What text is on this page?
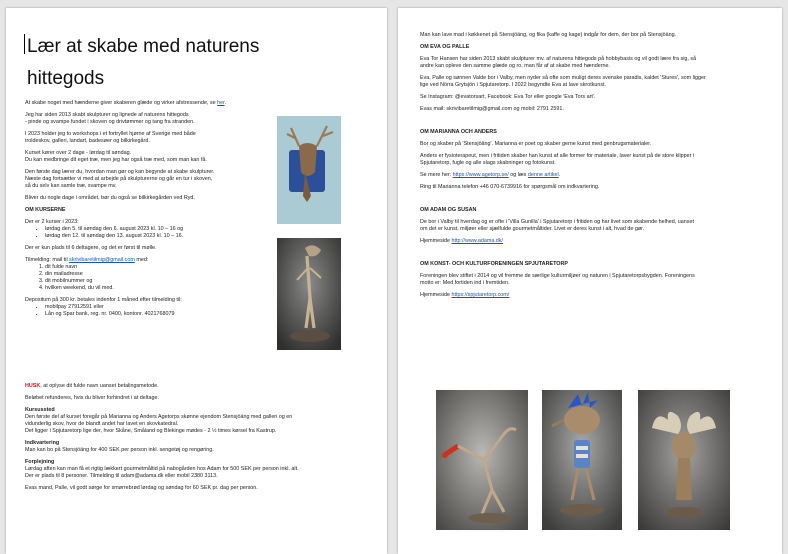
Lær at skabe med naturens
hittegods

At skabe noget med hænderne giver skaberen glæde og virker afstressende, se her.

Jeg har siden 2013 skabt skulpturer og lignede af naturens hittegods

- pinde og svampe fundet i skoven og drivtømmer og tang fra stranden.

I 2023 holder jeg to workshops i et fortryllet hjørne af Sverige med både

troldeskov, galleri, landart, badesøer og bilkirkegård.

Kurset kører over 2 dage - lørdag til søndag.

Du kan medbringe dit eget træ, men jeg har også træ med, som man kan få.

Den første dag lærer du, hvordan man gør og kan begynde at skabe skulpturer.

Næste dag fortsætter vi med at arbejde på skulpturerne og går en tur i skoven,

så du selv kan samle træ, svampe mv.

Bliver du nogle dage i området, bør du også se bilkirkegården ved Ryd.

OM KURSERNE

Der er 2 kurser i 2023:

• lørdag den 5. til søndag den 6. august 2023 kl. 10 – 16 og
• lørdag den 12. til søndag den 13. august 2023 kl. 10 – 16.

Der er kun plads til 6 deltagere, og det er først til mølle.

Tilmelding: mail til skrivibaretilmig@gmail.com med:

1. dit fulde navn
2. din mailadresse
3. dit mobilnummer og
4. hvilken weekend, du vil med.

Depositum på 300 kr. betales indenfor 1 måned efter tilmelding til:

• mobilpay 27912591 eller
• Lån og Spar bank, reg. nr. 0400, kontonr. 4021768079

HUSK, at oplyse dit fulde navn uanset betalingsmetode.

Beløbet refunderes, hvis du bliver forhindret i at deltage.

Kursussted

Den første del af kurset foregår på Marianna og Anders Agetorps skønne ejendom Stensjöäng med galleri og en

vidunderlig skov, hvor de blandt andet har lavet en skovkatedral.

Det ligger i Spjutaretorp lige der, hvor Skåne, Småland og Blekinge mødes - 2 ½ times kørsel fra Kastrup.

Indkvartering

Man kan bo på Stensjöäng for 400 SEK per person inkl. sengetøj og rengøring.

Forplejning

Lørdag aften kan man få et rigtig lækkert gourmetmåltid på nabogården hos Adam for 500 SEK per person inkl. alt.

Der er plads til 8 personer. Tilmelding til adam@adama.dk eller mobil 2380 3113.

Evas mand, Palle, vil godt sørge for smørrebrød lørdag og søndag for 60 SEK pr. dag per person.

Man kan lave mad i køkkenet på Stensjöäng, og fika (kaffe og kage) indgår for dem, der bor på Stensjöäng.

OM EVA OG PALLE

Eva Tor Hansen har siden 2013 skabt skulpturer mv. af naturens hittegods på hobbybasis og vil godt lære fra sig, så

andre kan opleve den samme glæde og ro, man får af at skabe med hænderne.

Eva, Palle og sønnen Valde bor i Valby, men nyder så ofte som muligt deres svenske paradis, kaldet 'Stures', som ligger

lige ved Nörra Grytsjön i Spjutaretorp. I 2022 begyndte Eva at lave skrotkunst.

Se Instagram: @evatorsart, Facebook: Eva Tor eller google 'Eva Tors art'.

Evas mail: skrivibaretilmig@gmail.com og mobil: 2791 2591.

OM MARIANNA OCH ANDERS

Bor og skaber på 'Stensjöäng'. Marianna er poet og skaber gerne kunst med genbrugsmaterialer.

Anders er fysioterapeut, men i fritiden skaber han kunst af alle former for materiale, laver kunst på de store klipper i

Spjutaretorp, fugle og alle slags skabninger og fotokunst.

Se mere her: https://www.agetorp.se/ og læs denne artikel.

Ring til Marianna telefon +46 070-6739916 for spørgsmål om indkvartering.

OM ADAM OG SUSAN

De bor i Valby til hverdag og er ofte i 'Villa Gunilla' i Spjutaretorp i fritiden og har livet som skabende helhed, uanset

om det er kunst, miljøer eller sjælfulde gourmetmåltider. Livet er deres kunst i alt, hvad de gør.

Hjemmeside http://www.adama.dk/

OM KONST- OCH KULTURFORENINGEN SPJUTARETORP

Foreningen blev stiftet i 2014 og vil fremme de særlige kulturmiljøer og naturen i Spjutaretorpsbygden. Foreningens

motto er: Med fortiden ind i fremtiden.

Hjemmeside https://spjutaretorp.com/
